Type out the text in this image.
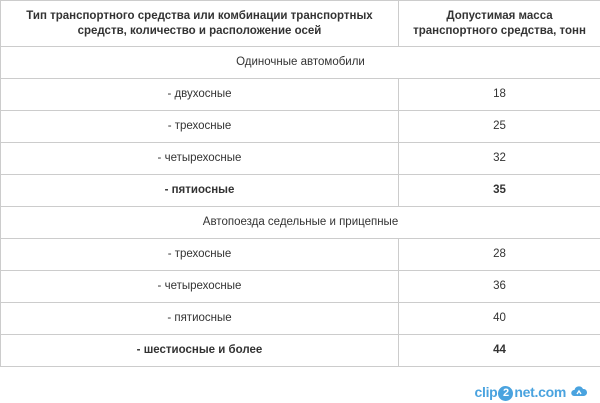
Тип транспортного средства или комбинации транспортных средств, количество и расположение осей	Допустимая масса транспортного средства, тонн
Одиночные автомобили	
- двухосные	18
- трехосные	25
- четырехосные	32
- пятиосные	35
Автопоезда седельные и прицепные	
- трехосные	28
- четырехосные	36
- пятиосные	40
- шестиосные и более	44
clip 2 net.com
